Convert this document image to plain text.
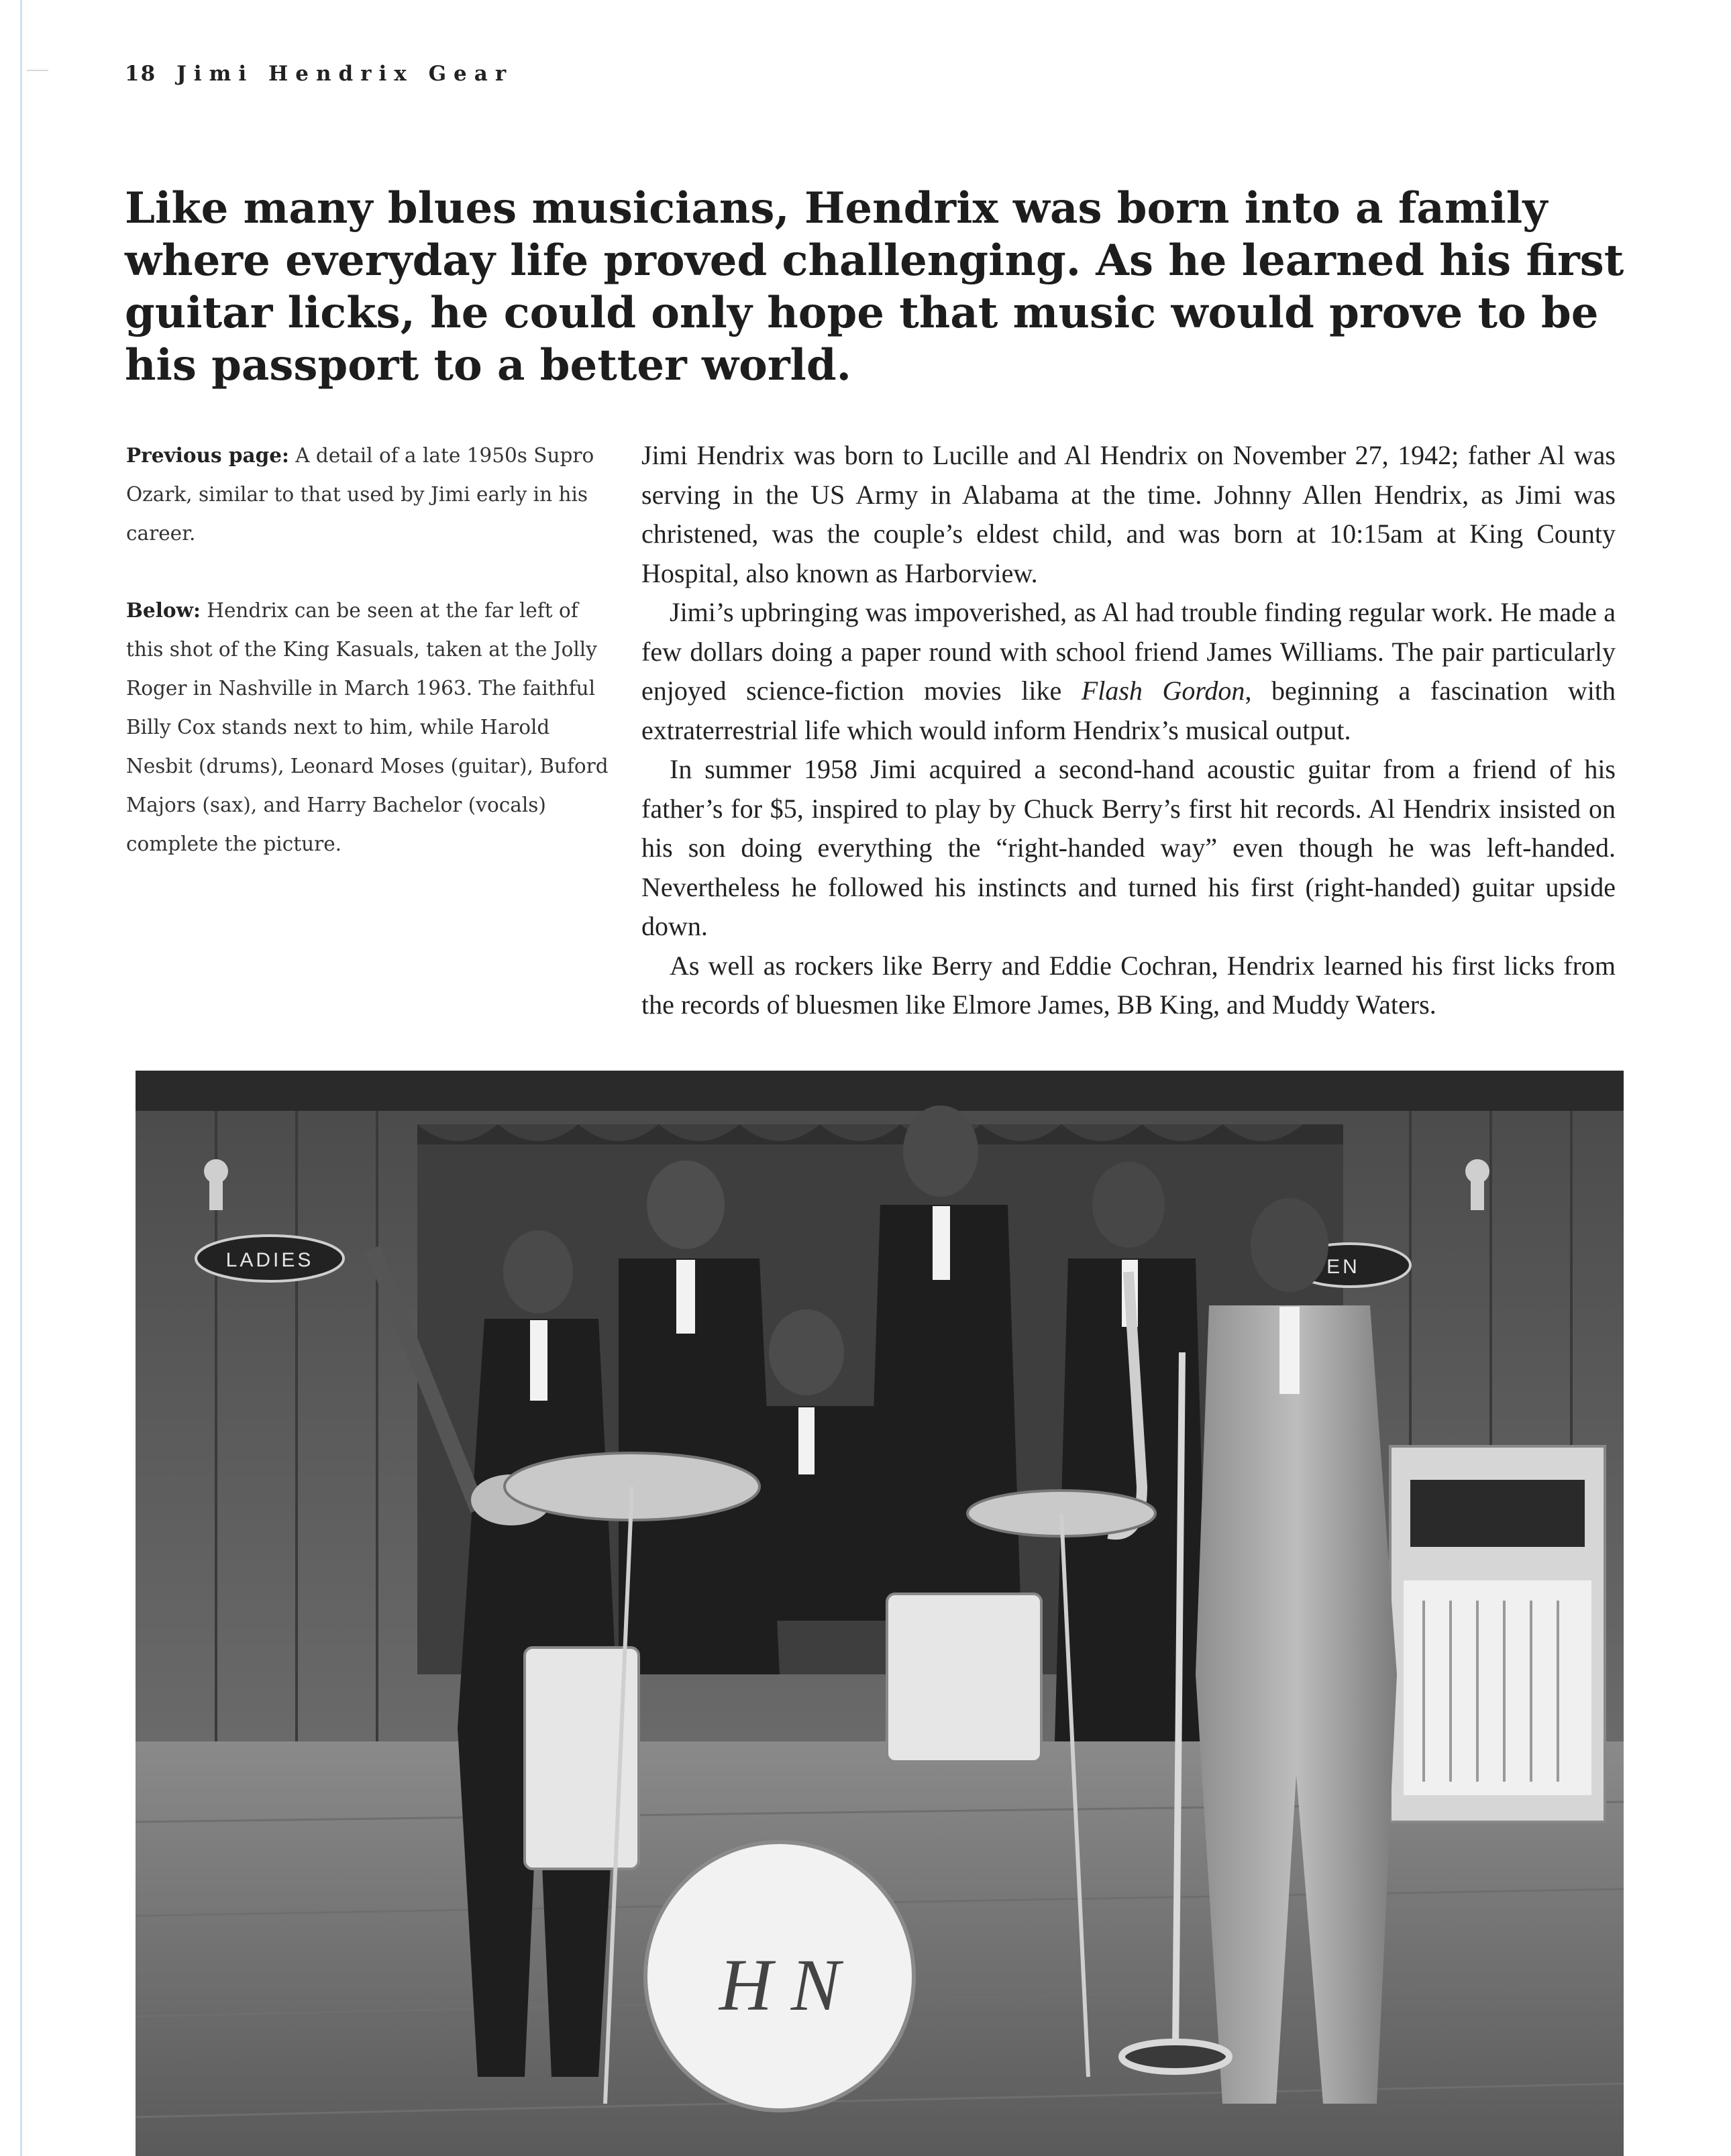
18 Jimi Hendrix Gear
Like many blues musicians, Hendrix was born into a family where everyday life proved challenging. As he learned his first guitar licks, he could only hope that music would prove to be his passport to a better world.

Previous page: A detail of a late 1950s Supro Ozark, similar to that used by Jimi early in his career.

Below: Hendrix can be seen at the far left of this shot of the King Kasuals, taken at the Jolly Roger in Nashville in March 1963. The faithful Billy Cox stands next to him, while Harold Nesbit (drums), Leonard Moses (guitar), Buford Majors (sax), and Harry Bachelor (vocals) complete the picture.

Jimi Hendrix was born to Lucille and Al Hendrix on November 27, 1942; father Al was serving in the US Army in Alabama at the time. Johnny Allen Hendrix, as Jimi was christened, was the couple’s eldest child, and was born at 10:15am at King County Hospital, also known as Harborview.

Jimi’s upbringing was impoverished, as Al had trouble finding regular work. He made a few dollars doing a paper round with school friend James Williams. The pair particularly enjoyed science-fiction movies like Flash Gordon, beginning a fascination with extraterrestrial life which would inform Hendrix’s musical output.

In summer 1958 Jimi acquired a second-hand acoustic guitar from a friend of his father’s for $5, inspired to play by Chuck Berry’s first hit records. Al Hendrix insisted on his son doing everything the “right-handed way” even though he was left-handed. Nevertheless he followed his instincts and turned his first (right-handed) guitar upside down.

As well as rockers like Berry and Eddie Cochran, Hendrix learned his first licks from the records of bluesmen like Elmore James, BB King, and Muddy Waters.

LADIES	EN
H N
